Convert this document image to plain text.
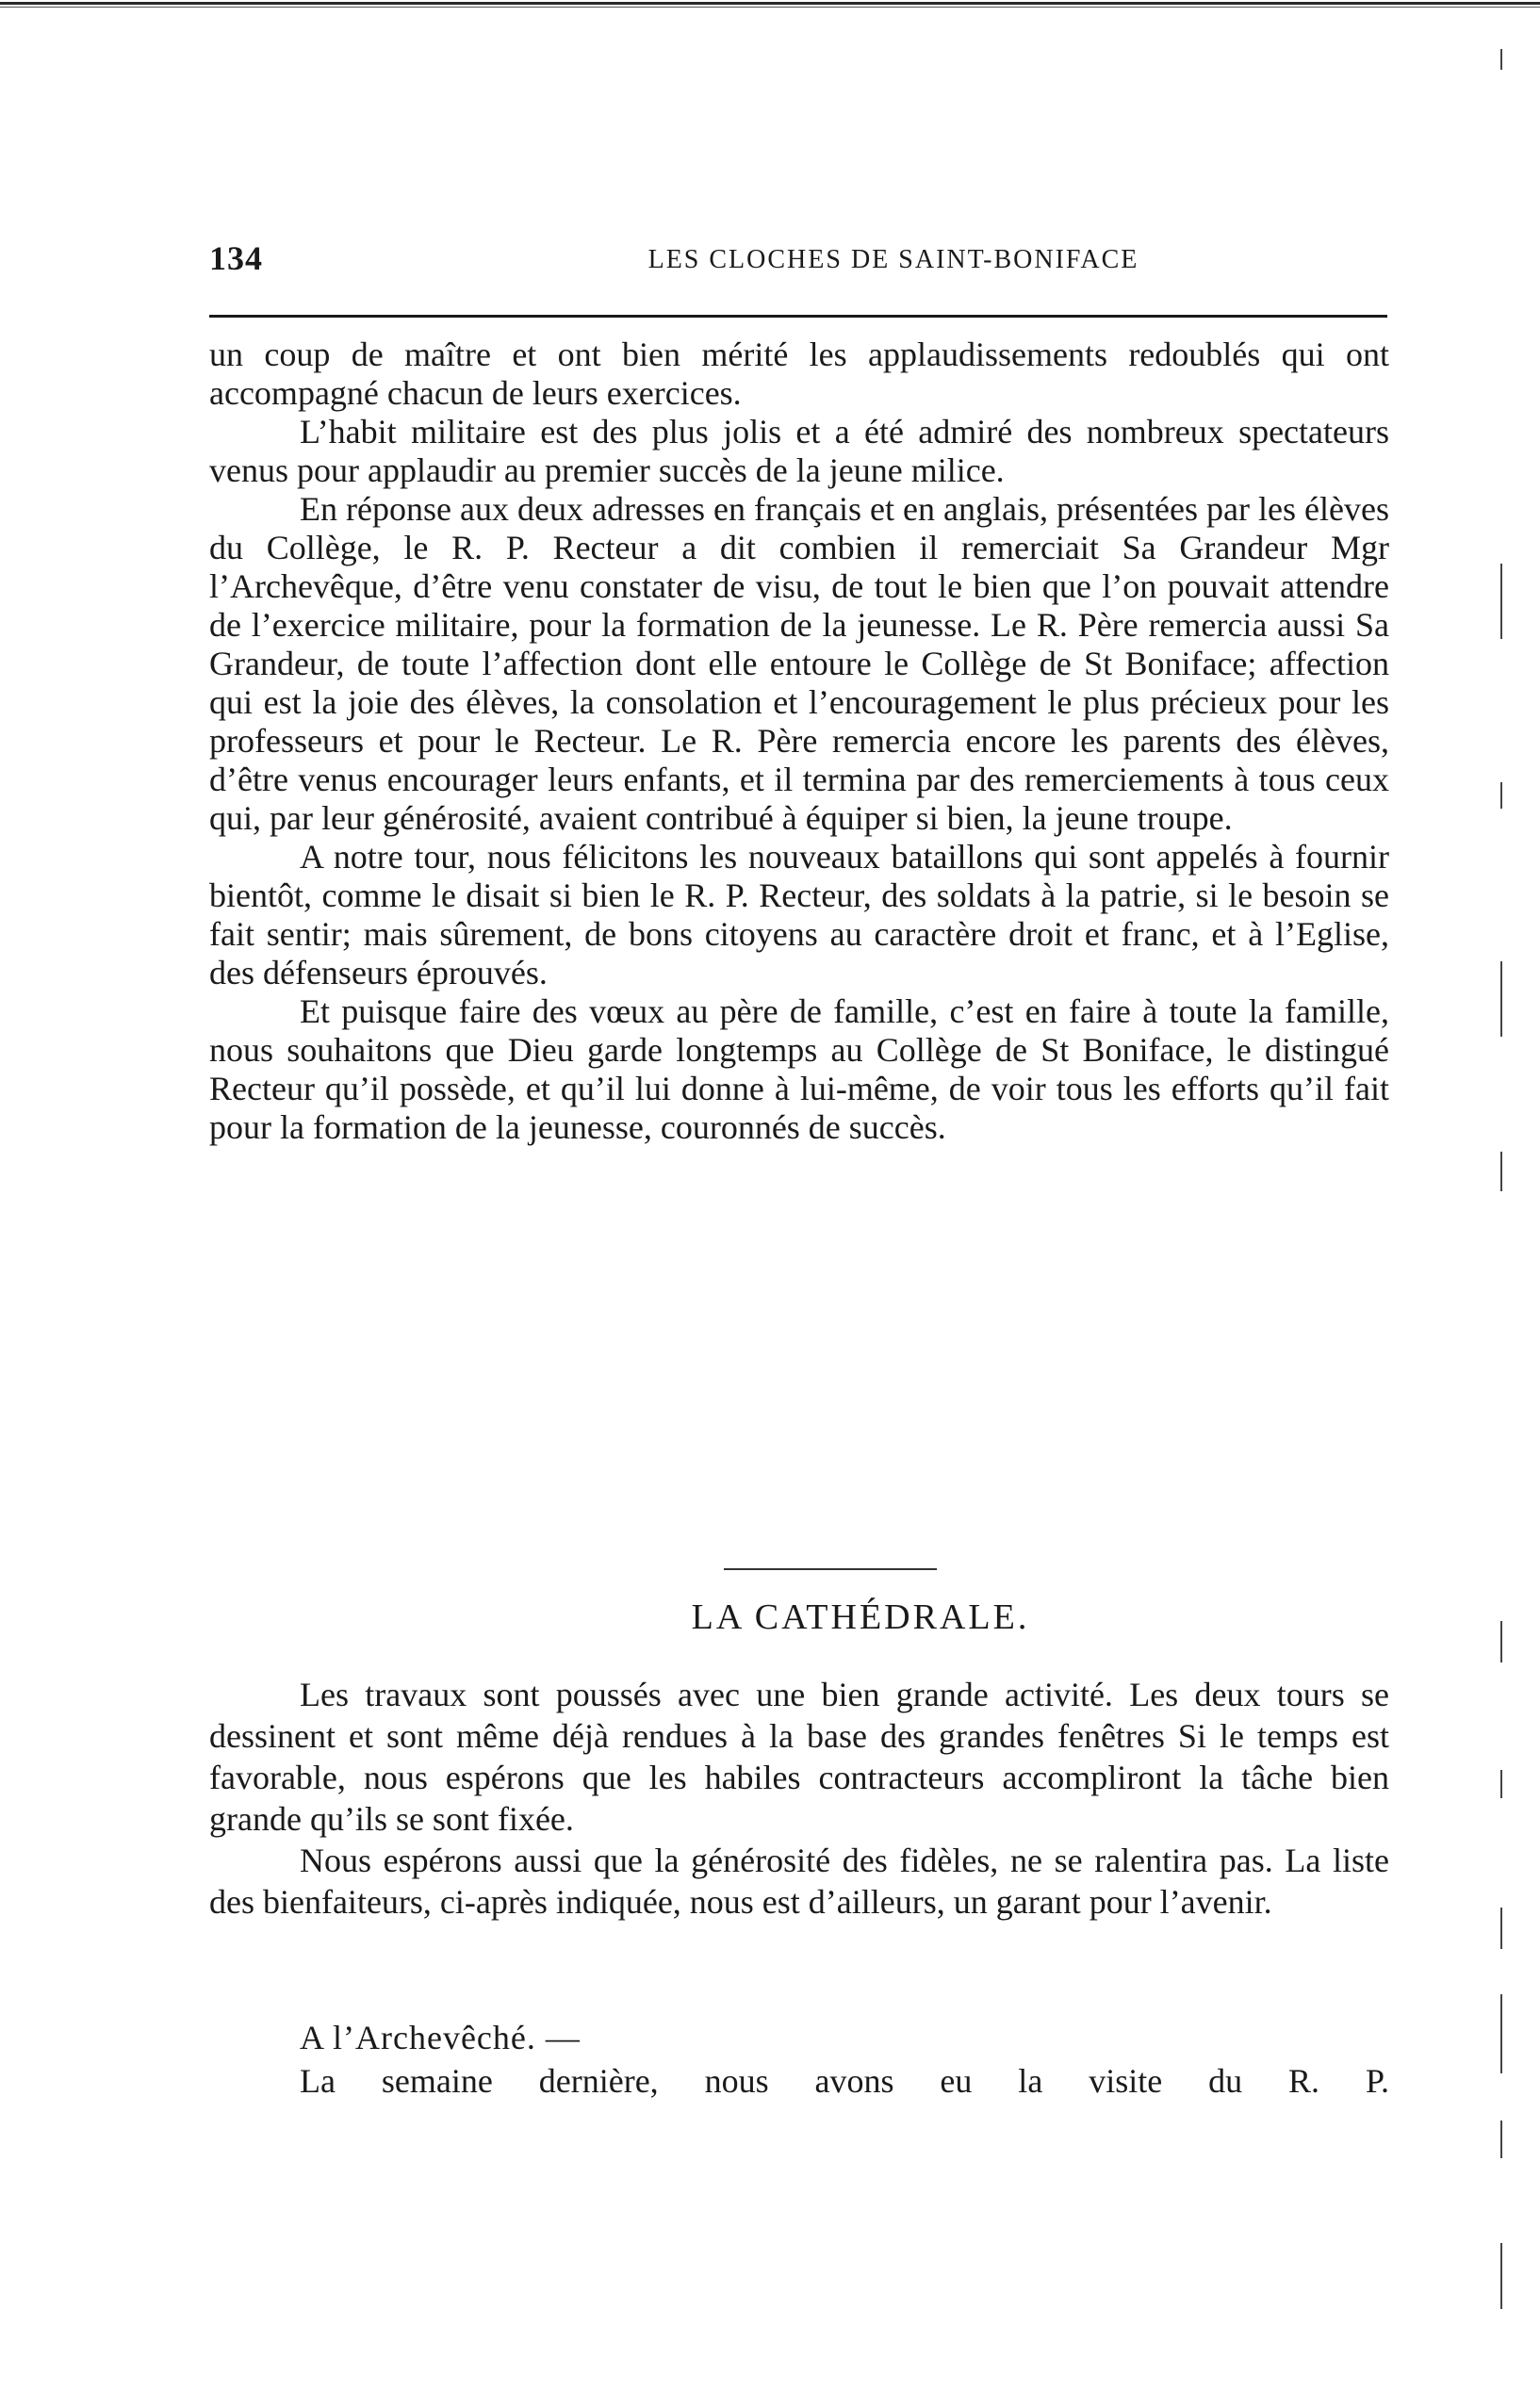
134	LES CLOCHES DE SAINT-BONIFACE

un coup de maître et ont bien mérité les applaudissements redoublés qui ont accompagné chacun de leurs exercices.

L’habit militaire est des plus jolis et a été admiré des nombreux spectateurs venus pour applaudir au premier succès de la jeune milice.

En réponse aux deux adresses en français et en anglais, présentées par les élèves du Collège, le R. P. Recteur a dit combien il remerciait Sa Grandeur Mgr l’Archevêque, d’être venu constater de visu, de tout le bien que l’on pouvait attendre de l’exercice militaire, pour la formation de la jeunesse. Le R. Père remercia aussi Sa Grandeur, de toute l’affection dont elle entoure le Collège de St Boniface; affection qui est la joie des élèves, la consolation et l’encouragement le plus précieux pour les professeurs et pour le Recteur. Le R. Père remercia encore les parents des élèves, d’être venus encourager leurs enfants, et il termina par des remerciements à tous ceux qui, par leur générosité, avaient contribué à équiper si bien, la jeune troupe.

A notre tour, nous félicitons les nouveaux bataillons qui sont appelés à fournir bientôt, comme le disait si bien le R. P. Recteur, des soldats à la patrie, si le besoin se fait sentir; mais sûrement, de bons citoyens au caractère droit et franc, et à l’Eglise, des défenseurs éprouvés.

Et puisque faire des vœux au père de famille, c’est en faire à toute la famille, nous souhaitons que Dieu garde longtemps au Collège de St Boniface, le distingué Recteur qu’il possède, et qu’il lui donne à lui-même, de voir tous les efforts qu’il fait pour la formation de la jeunesse, couronnés de succès.

LA CATHÉDRALE.

Les travaux sont poussés avec une bien grande activité. Les deux tours se dessinent et sont même déjà rendues à la base des grandes fenêtres Si le temps est favorable, nous espérons que les habiles contracteurs accompliront la tâche bien grande qu’ils se sont fixée.

Nous espérons aussi que la générosité des fidèles, ne se ralentira pas. La liste des bienfaiteurs, ci-après indiquée, nous est d’ailleurs, un garant pour l’avenir.

A l’Archevêché. —
La semaine dernière, nous avons eu la visite du R. P.
